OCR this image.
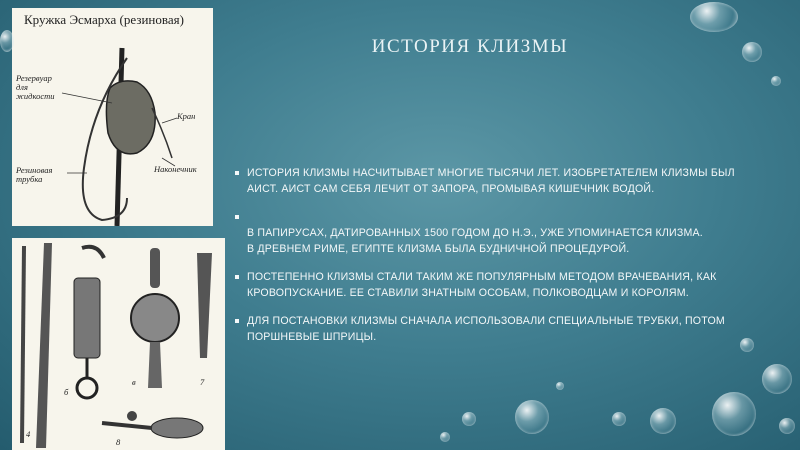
Кружка Эсмарха (резиновая)
Резервуар
для
жидкости
Кран
Наконечник
Резиновая
трубка
4
б
в	7
8
ИСТОРИЯ КЛИЗМЫ
ИСТОРИЯ КЛИЗМЫ НАСЧИТЫВАЕТ МНОГИЕ ТЫСЯЧИ ЛЕТ. ИЗОБРЕТАТЕЛЕМ КЛИЗМЫ БЫЛ
АИСТ. АИСТ САМ СЕБЯ ЛЕЧИТ ОТ ЗАПОРА, ПРОМЫВАЯ КИШЕЧНИК ВОДОЙ.
В ПАПИРУСАХ, ДАТИРОВАННЫХ 1500 ГОДОМ ДО Н.Э., УЖЕ УПОМИНАЕТСЯ КЛИЗМА.
В ДРЕВНЕМ РИМЕ, ЕГИПТЕ КЛИЗМА БЫЛА БУДНИЧНОЙ ПРОЦЕДУРОЙ.
ПОСТЕПЕННО КЛИЗМЫ СТАЛИ ТАКИМ ЖЕ ПОПУЛЯРНЫМ МЕТОДОМ ВРАЧЕВАНИЯ, КАК
КРОВОПУСКАНИЕ. ЕЕ СТАВИЛИ ЗНАТНЫМ ОСОБАМ, ПОЛКОВОДЦАМ И КОРОЛЯМ.
ДЛЯ ПОСТАНОВКИ КЛИЗМЫ СНАЧАЛА ИСПОЛЬЗОВАЛИ СПЕЦИАЛЬНЫЕ ТРУБКИ, ПОТОМ
ПОРШНЕВЫЕ ШПРИЦЫ.
